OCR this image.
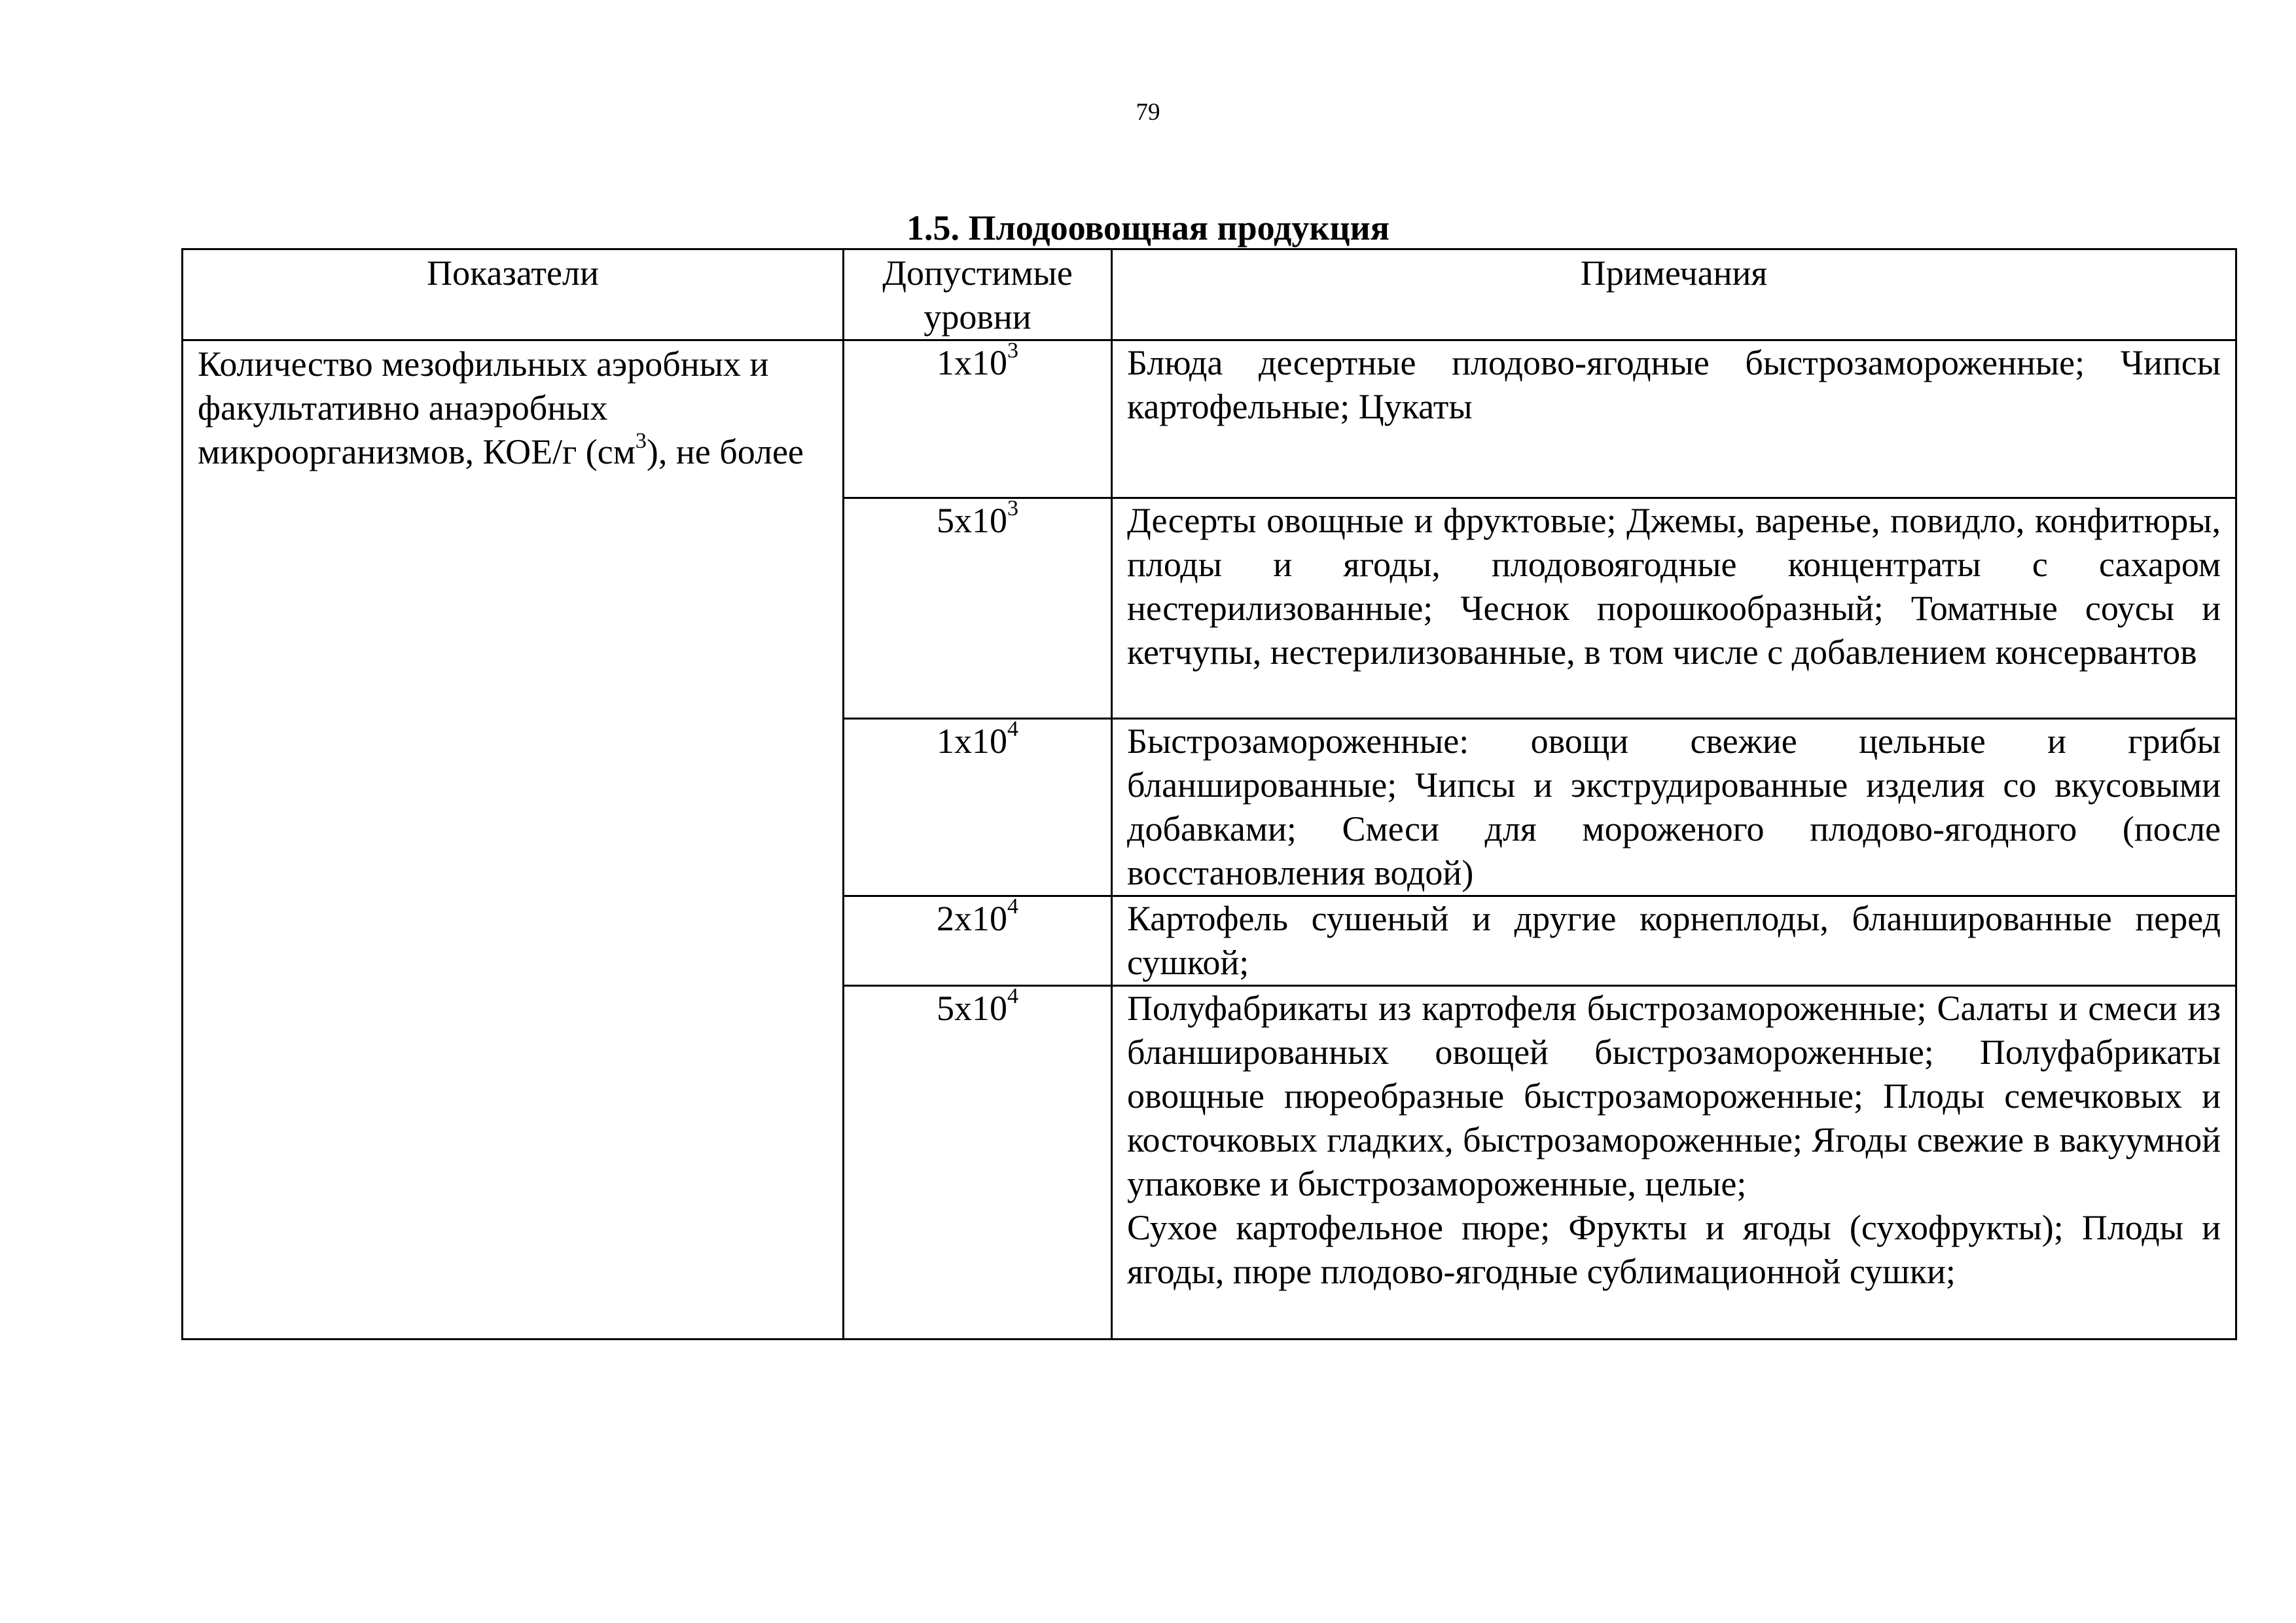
79
1.5. Плодоовощная продукция
Показатели	Допустимые уровни	Примечания

Количество мезофильных аэробных и факультативно анаэробных микроорганизмов, КОЕ/г $(см^3)$, не более	$1x10^3$	Блюда десертные плодово-ягодные быстрозамороженные; Чипсы картофельные; Цукаты

	$5x10^3$	Десерты овощные и фруктовые; Джемы, варенье, повидло, конфитюры, плоды и ягоды, плодовоягодные концентраты с сахаром нестерилизованные; Чеснок порошкообразный; Томатные соусы и кетчупы, нестерилизованные, в том числе с добавлением консервантов

	$1x10^4$	Быстрозамороженные: овощи свежие цельные и грибы бланшированные; Чипсы и экструдированные изделия со вкусовыми добавками; Смеси для мороженого плодово-ягодного (после восстановления водой)

	$2x10^4$	Картофель сушеный и другие корнеплоды, бланшированные перед сушкой;

	$5x10^4$	Полуфабрикаты из картофеля быстрозамороженные; Салаты и смеси из бланшированных овощей быстрозамороженные; Полуфабрикаты овощные пюреобразные быстрозамороженные; Плоды семечковых и косточковых гладких, быстрозамороженные; Ягоды свежие в вакуумной упаковке и быстрозамороженные, целые;
Сухое картофельное пюре; Фрукты и ягоды (сухофрукты); Плоды и ягоды, пюре плодово-ягодные сублимационной сушки;
